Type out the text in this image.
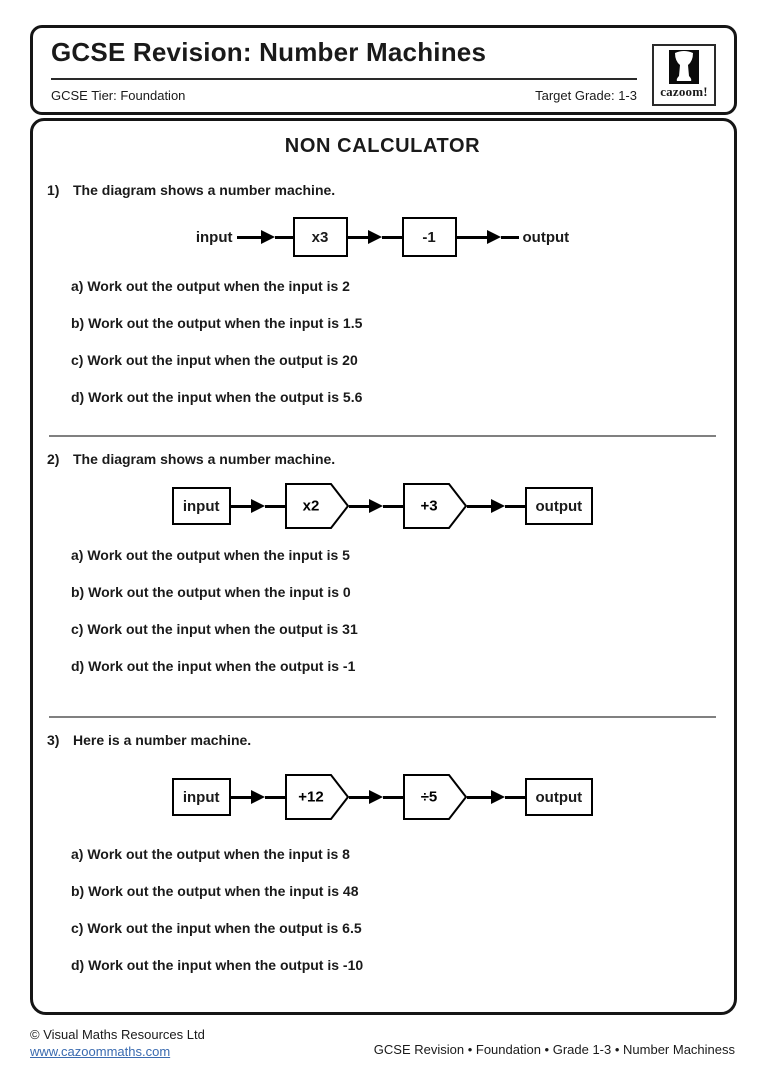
GCSE Revision: Number Machines
GCSE Tier: Foundation	Target Grade: 1-3 cazoom!
NON CALCULATOR
1) The diagram shows a number machine.
input	x3	-1	output
a) Work out the output when the input is 2
b) Work out the output when the input is 1.5
c) Work out the input when the output is 20
d) Work out the input when the output is 5.6
2) The diagram shows a number machine.
input	x2	+3	output
a) Work out the output when the input is 5
b) Work out the output when the input is 0
c) Work out the input when the output is 31
d) Work out the input when the output is -1
3) Here is a number machine.
input	+12	÷5	output
a) Work out the output when the input is 8
b) Work out the output when the input is 48
c) Work out the input when the output is 6.5
d) Work out the input when the output is -10
© Visual Maths Resources Ltd
www.cazoommaths.com	GCSE Revision • Foundation • Grade 1-3 • Number Machiness
